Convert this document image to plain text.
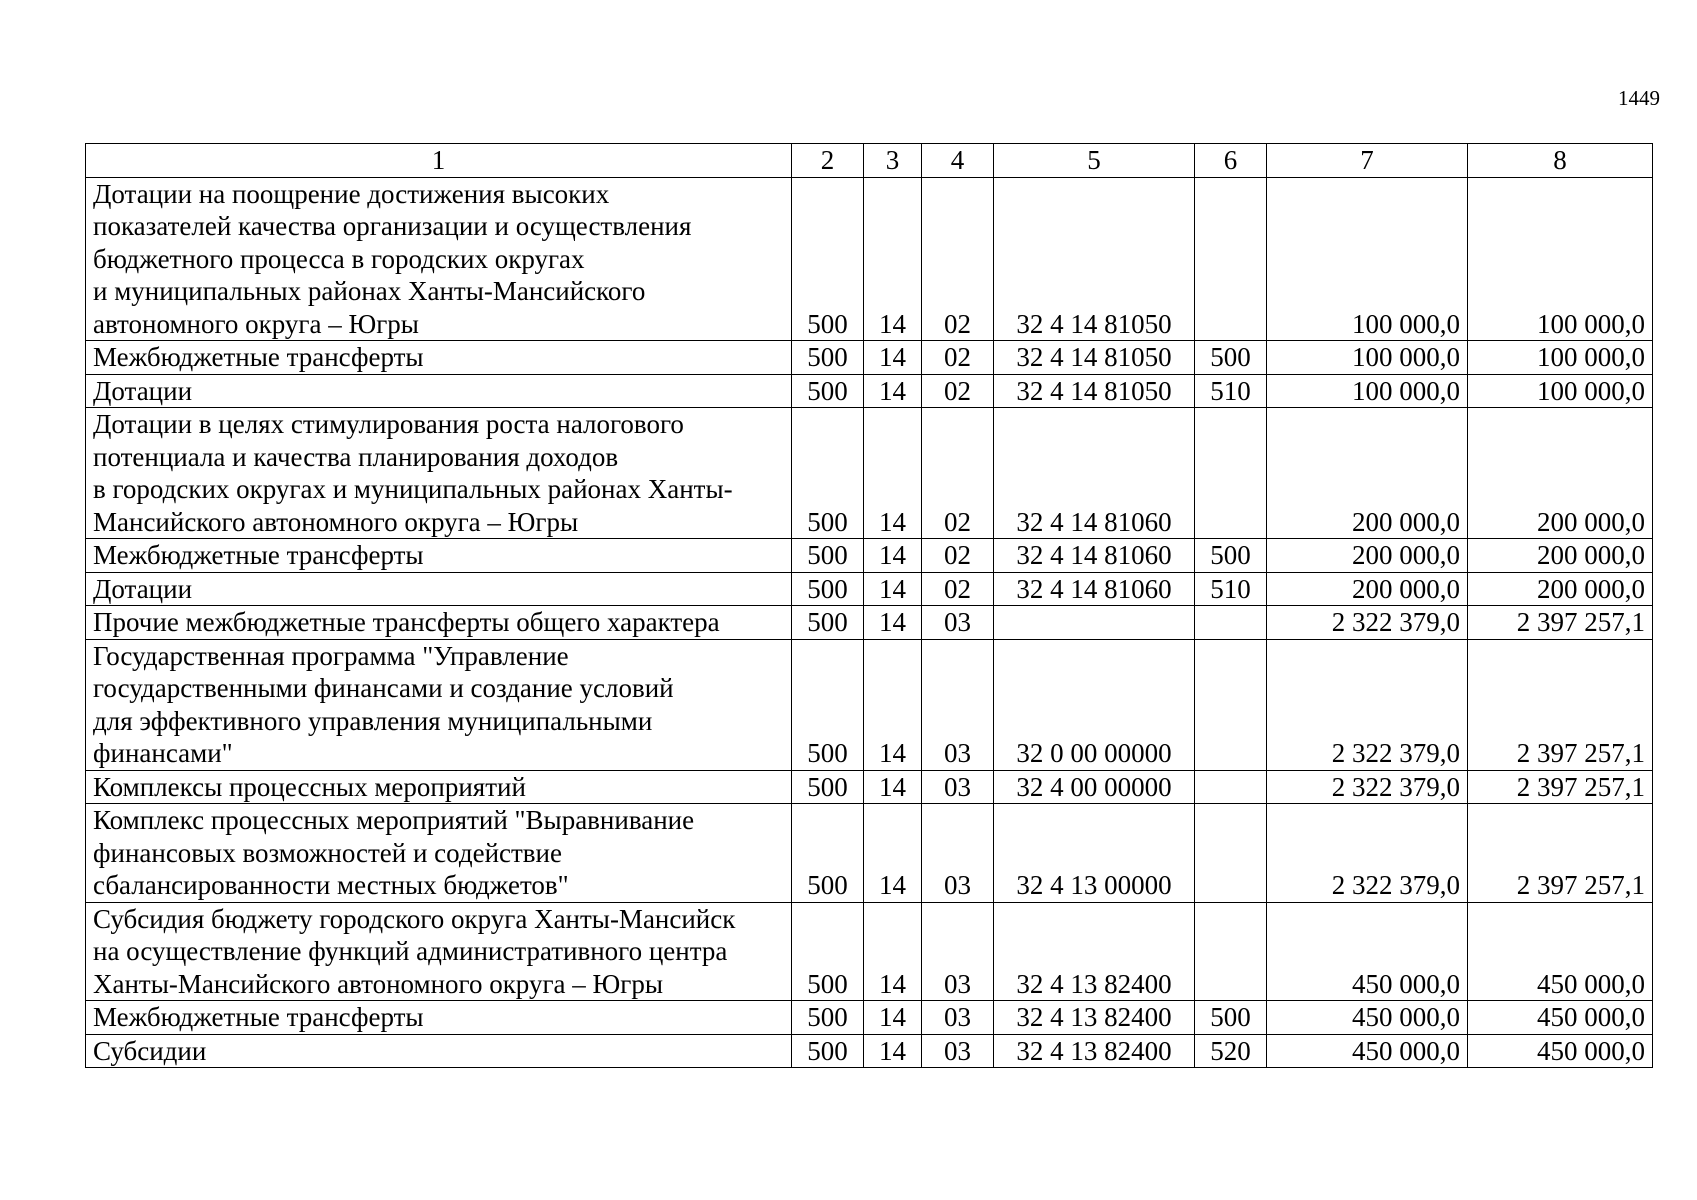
1449
1	2	3	4	5	6	7	8

Дотации на поощрение достижения высоких
показателей качества организации и осуществления
бюджетного процесса в городских округах
и муниципальных районах Ханты-Мансийского
автономного округа – Югры	500	14	02	32 4 14 81050		100 000,0	100 000,0

Межбюджетные трансферты	500	14	02	32 4 14 81050	500	100 000,0	100 000,0

Дотации	500	14	02	32 4 14 81050	510	100 000,0	100 000,0

Дотации в целях стимулирования роста налогового
потенциала и качества планирования доходов
в городских округах и муниципальных районах Ханты-
Мансийского автономного округа – Югры	500	14	02	32 4 14 81060		200 000,0	200 000,0

Межбюджетные трансферты	500	14	02	32 4 14 81060	500	200 000,0	200 000,0

Дотации	500	14	02	32 4 14 81060	510	200 000,0	200 000,0

Прочие межбюджетные трансферты общего характера	500	14	03			2 322 379,0	2 397 257,1

Государственная программа "Управление
государственными финансами и создание условий
для эффективного управления муниципальными
финансами"	500	14	03	32 0 00 00000		2 322 379,0	2 397 257,1

Комплексы процессных мероприятий	500	14	03	32 4 00 00000		2 322 379,0	2 397 257,1

Комплекс процессных мероприятий "Выравнивание
финансовых возможностей и содействие
сбалансированности местных бюджетов"	500	14	03	32 4 13 00000		2 322 379,0	2 397 257,1

Субсидия бюджету городского округа Ханты-Мансийск
на осуществление функций административного центра
Ханты-Мансийского автономного округа – Югры	500	14	03	32 4 13 82400		450 000,0	450 000,0

Межбюджетные трансферты	500	14	03	32 4 13 82400	500	450 000,0	450 000,0

Субсидии	500	14	03	32 4 13 82400	520	450 000,0	450 000,0
